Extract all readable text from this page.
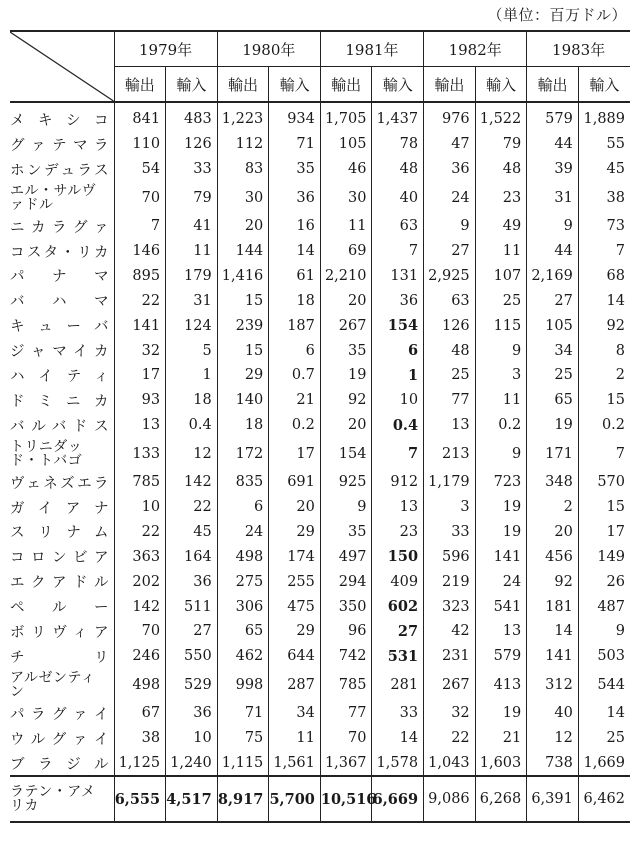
（単位：百万ドル）
	1979年		1980年		1981年		1982年		1983年	
	輸出	輸入	輸出	輸入	輸出	輸入	輸出	輸入	輸出	輸入
メキシコ	841	483	1,223	934	1,705	1,437	976	1,522	579	1,889
グァテマラ	110	126	112	71	105	78	47	79	44	55
ホンデュラス	54	33	83	35	46	48	36	48	39	45
エル・サルヴァドル	70	79	30	36	30	40	24	23	31	38
ニカラグァ	7	41	20	16	11	63	9	49	9	73
コスタ・リカ	146	11	144	14	69	7	27	11	44	7
パナマ	895	179	1,416	61	2,210	131	2,925	107	2,169	68
バハマ	22	31	15	18	20	36	63	25	27	14
キューバ	141	124	239	187	267	154	126	115	105	92
ジャマイカ	32	5	15	6	35	6	48	9	34	8
ハイティ	17	1	29	0.7	19	1	25	3	25	2
ドミニカ	93	18	140	21	92	10	77	11	65	15
バルバドス	13	0.4	18	0.2	20	0.4	13	0.2	19	0.2
トリニダッド・トバゴ	133	12	172	17	154	7	213	9	171	7
ヴェネズエラ	785	142	835	691	925	912	1,179	723	348	570
ガイアナ	10	22	6	20	9	13	3	19	2	15
スリナム	22	45	24	29	35	23	33	19	20	17
コロンビア	363	164	498	174	497	150	596	141	456	149
エクアドル	202	36	275	255	294	409	219	24	92	26
ペルー	142	511	306	475	350	602	323	541	181	487
ボリヴィア	70	27	65	29	96	27	42	13	14	9
チリ	246	550	462	644	742	531	231	579	141	503
アルゼンティン	498	529	998	287	785	281	267	413	312	544
パラグァイ	67	36	71	34	77	33	32	19	40	14
ウルグァイ	38	10	75	11	70	14	22	21	12	25
ブラジル	1,125	1,240	1,115	1,561	1,367	1,578	1,043	1,603	738	1,669
ラテン・アメリカ	6,555	4,517	8,917	5,700	10,516	6,669	9,086	6,268	6,391	6,462
